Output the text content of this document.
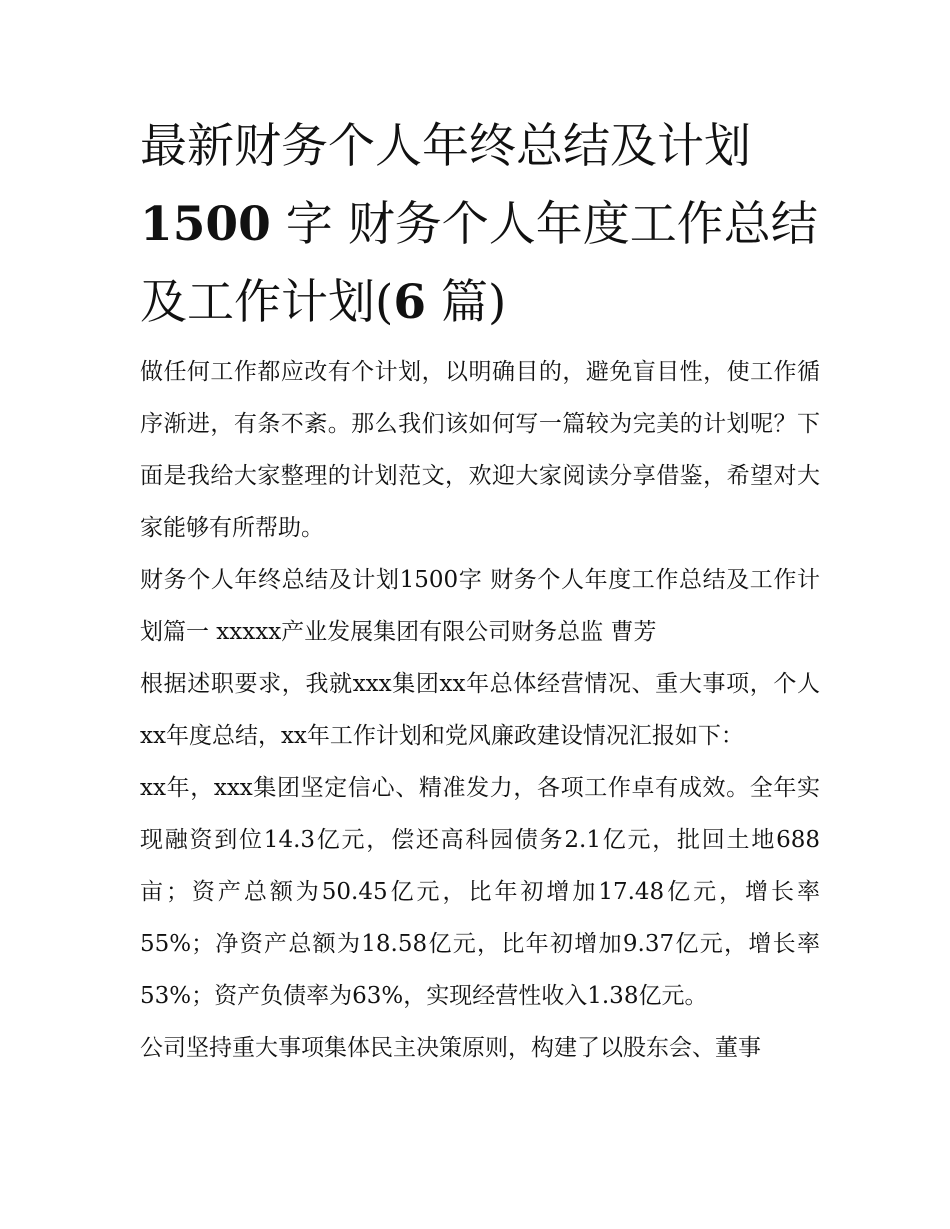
最新财务个人年终总结及计划1500 字 财务个人年度工作总结及工作计划(6 篇)

做任何工作都应改有个计划，以明确目的，避免盲目性，使工作循序渐进，有条不紊。那么我们该如何写一篇较为完美的计划呢？下面是我给大家整理的计划范文，欢迎大家阅读分享借鉴，希望对大家能够有所帮助。

财务个人年终总结及计划1500字 财务个人年度工作总结及工作计划篇一 xxxxx产业发展集团有限公司财务总监 曹芳

根据述职要求，我就xxx集团xx年总体经营情况、重大事项，个人xx年度总结，xx年工作计划和党风廉政建设情况汇报如下：

xx年，xxx集团坚定信心、精准发力，各项工作卓有成效。全年实现融资到位14.3亿元，偿还高科园债务2.1亿元，批回土地688亩；资产总额为50.45亿元，比年初增加17.48亿元，增长率55%；净资产总额为18.58亿元，比年初增加9.37亿元，增长率53%；资产负债率为63%，实现经营性收入1.38亿元。

公司坚持重大事项集体民主决策原则，构建了以股东会、董事
